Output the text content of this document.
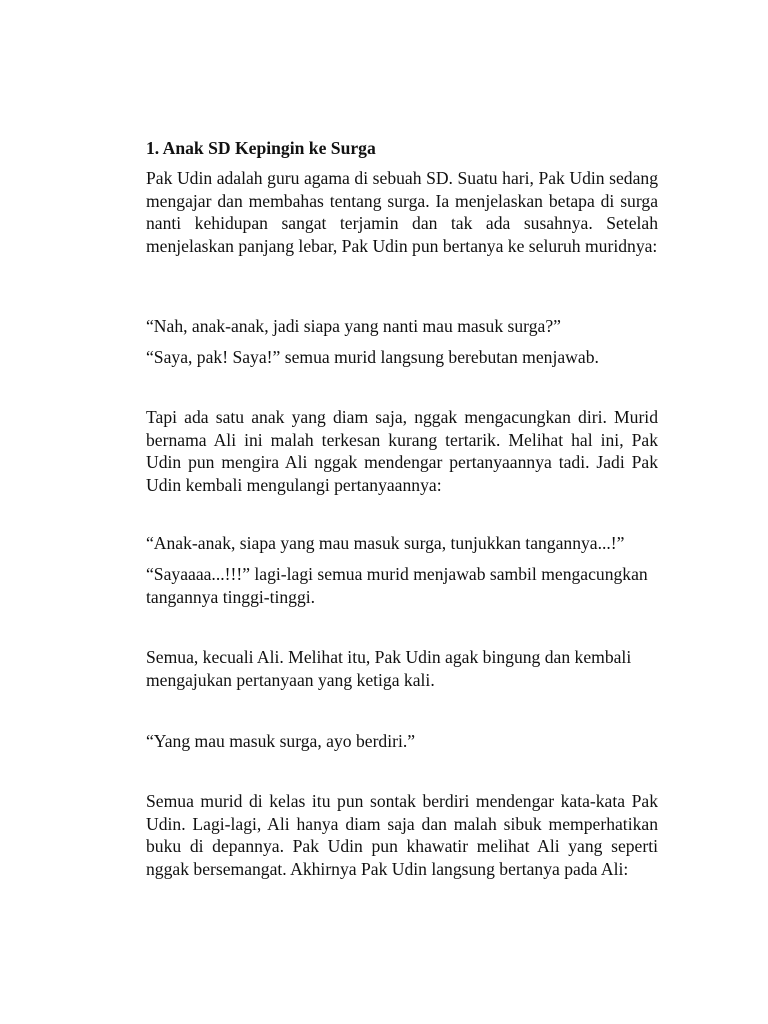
1. Anak SD Kepingin ke Surga

Pak Udin adalah guru agama di sebuah SD. Suatu hari, Pak Udin sedang mengajar dan membahas tentang surga. Ia menjelaskan betapa di surga nanti kehidupan sangat terjamin dan tak ada susahnya. Setelah menjelaskan panjang lebar, Pak Udin pun bertanya ke seluruh muridnya:

“Nah, anak-anak, jadi siapa yang nanti mau masuk surga?”

“Saya, pak! Saya!” semua murid langsung berebutan menjawab.

Tapi ada satu anak yang diam saja, nggak mengacungkan diri. Murid bernama Ali ini malah terkesan kurang tertarik. Melihat hal ini, Pak Udin pun mengira Ali nggak mendengar pertanyaannya tadi. Jadi Pak Udin kembali mengulangi pertanyaannya:

“Anak-anak, siapa yang mau masuk surga, tunjukkan tangannya...!”

“Sayaaaa...!!!” lagi-lagi semua murid menjawab sambil mengacungkan tangannya tinggi-tinggi.

Semua, kecuali Ali. Melihat itu, Pak Udin agak bingung dan kembali mengajukan pertanyaan yang ketiga kali.

“Yang mau masuk surga, ayo berdiri.”

Semua murid di kelas itu pun sontak berdiri mendengar kata-kata Pak Udin. Lagi-lagi, Ali hanya diam saja dan malah sibuk memperhatikan buku di depannya. Pak Udin pun khawatir melihat Ali yang seperti nggak bersemangat. Akhirnya Pak Udin langsung bertanya pada Ali:
